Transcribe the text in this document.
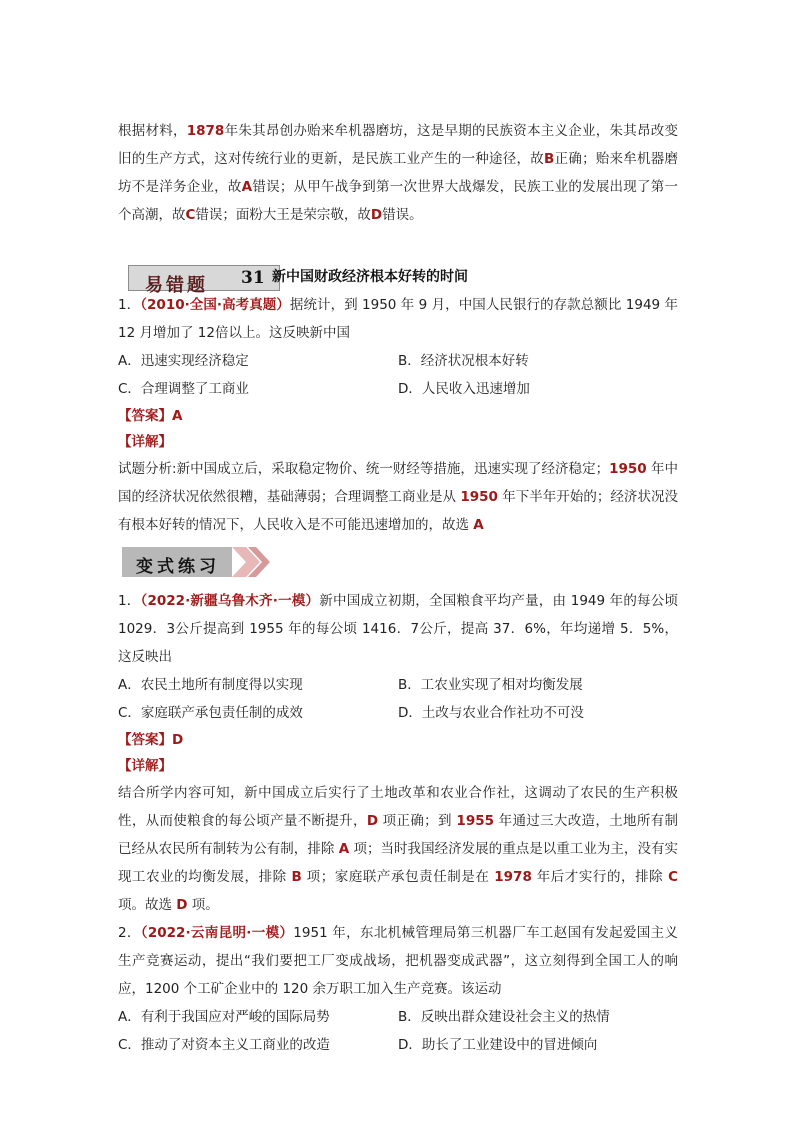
根据材料，1878年朱其昂创办贻来牟机器磨坊，这是早期的民族资本主义企业，朱其昂改变旧的生产方式，这对传统行业的更新，是民族工业产生的一种途径，故B正确；贻来牟机器磨坊不是洋务企业，故A错误；从甲午战争到第一次世界大战爆发，民族工业的发展出现了第一个高潮，故C错误；面粉大王是荣宗敬，故D错误。

易错题 31 新中国财政经济根本好转的时间

1．（2010·全国·高考真题）据统计，到 1950 年 9 月，中国人民银行的存款总额比 1949 年 12 月增加了 12倍以上。这反映新中国

A．迅速实现经济稳定	B．经济状况根本好转
C．合理调整了工商业	D．人民收入迅速增加
【答案】A
【详解】

试题分析:新中国成立后，采取稳定物价、统一财经等措施，迅速实现了经济稳定；1950 年中国的经济状况依然很糟，基础薄弱；合理调整工商业是从 1950 年下半年开始的；经济状况没有根本好转的情况下，人民收入是不可能迅速增加的，故选 A

变式练习

1．（2022·新疆乌鲁木齐·一模）新中国成立初期，全国粮食平均产量，由 1949 年的每公顷 1029．3公斤提高到 1955 年的每公顷 1416．7公斤，提高 37．6%，年均递增 5．5%，这反映出

A．农民土地所有制度得以实现	B．工农业实现了相对均衡发展
C．家庭联产承包责任制的成效	D．土改与农业合作社功不可没
【答案】D
【详解】

结合所学内容可知，新中国成立后实行了土地改革和农业合作社，这调动了农民的生产积极性，从而使粮食的每公顷产量不断提升，D 项正确；到 1955 年通过三大改造，土地所有制已经从农民所有制转为公有制，排除 A 项；当时我国经济发展的重点是以重工业为主，没有实现工农业的均衡发展，排除 B 项；家庭联产承包责任制是在 1978 年后才实行的，排除 C 项。故选 D 项。

2．（2022·云南昆明·一模）1951 年，东北机械管理局第三机器厂车工赵国有发起爱国主义生产竞赛运动，提出“我们要把工厂变成战场，把机器变成武器”，这立刻得到全国工人的响应，1200 个工矿企业中的 120 余万职工加入生产竞赛。该运动

A．有利于我国应对严峻的国际局势	B．反映出群众建设社会主义的热情
C．推动了对资本主义工商业的改造	D．助长了工业建设中的冒进倾向
